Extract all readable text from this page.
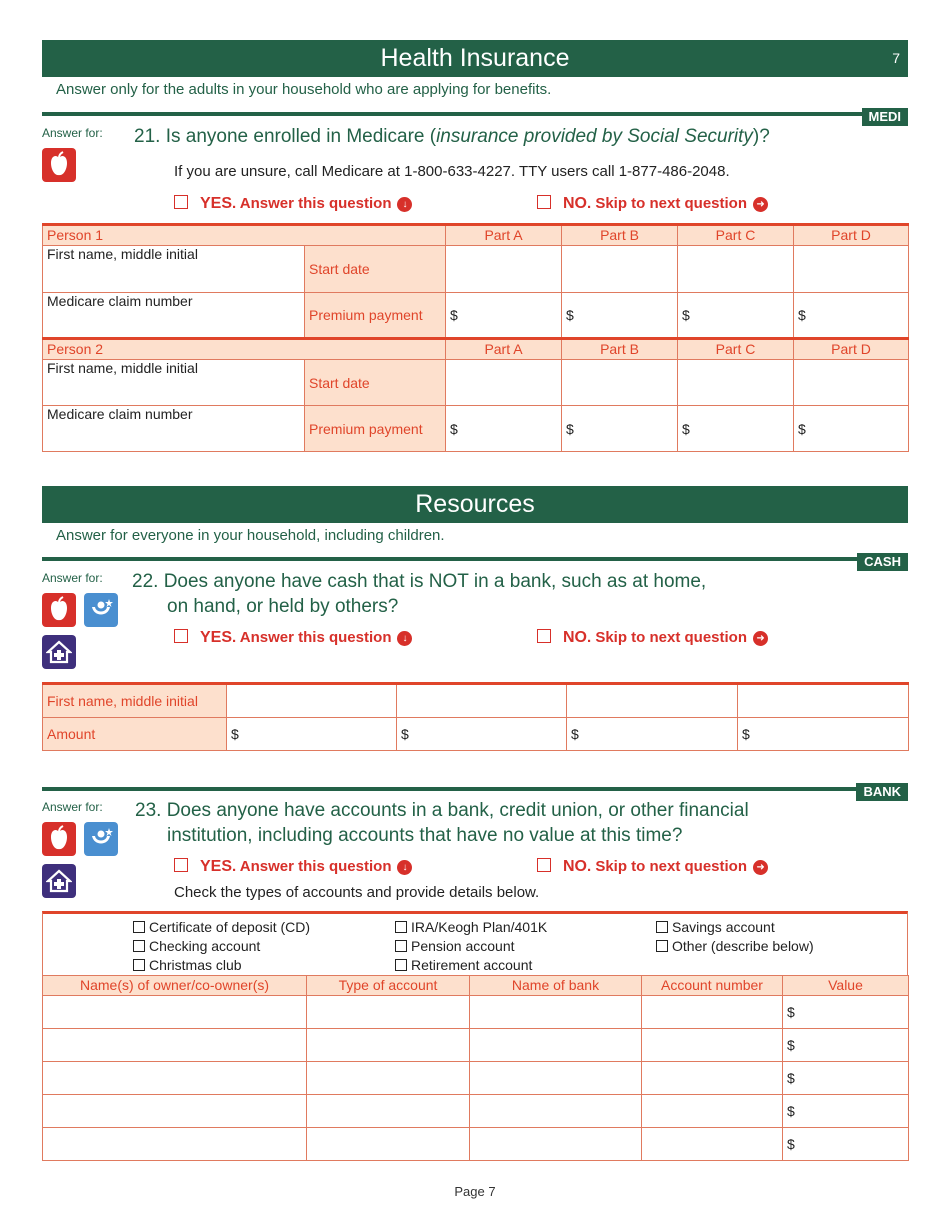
Health Insurance	7
Answer only for the adults in your household who are applying for benefits.
MEDI
Answer for: 21. Is anyone enrolled in Medicare (insurance provided by Social Security)?
If you are unsure, call Medicare at 1-800-633-4227. TTY users call 1-877-486-2048.
YES. Answer this question ↓	NO. Skip to next question ➜
Person 1		Part A	Part B	Part C	Part D
First name, middle initial	Start date				
Medicare claim number	Premium payment	$	$	$	$
Person 2		Part A	Part B	Part C	Part D
First name, middle initial	Start date				
Medicare claim number	Premium payment	$	$	$	$
Resources
Answer for everyone in your household, including children.
CASH
Answer for: 22. Does anyone have cash that is NOT in a bank, such as at home,
on hand, or held by others?
YES. Answer this question ↓	NO. Skip to next question ➜
First name, middle initial				
Amount	$	$	$	$
BANK
Answer for: 23. Does anyone have accounts in a bank, credit union, or other financial
institution, including accounts that have no value at this time?
YES. Answer this question ↓	NO. Skip to next question ➜
Check the types of accounts and provide details below.
Certificate of deposit (CD)
Checking account
Christmas club
IRA/Keogh Plan/401K
Pension account
Retirement account
Savings account
Other (describe below)
Name(s) of owner/co-owner(s)	Type of account	Name of bank	Account number	Value
				$
				$
				$
				$
				$
Page 7
